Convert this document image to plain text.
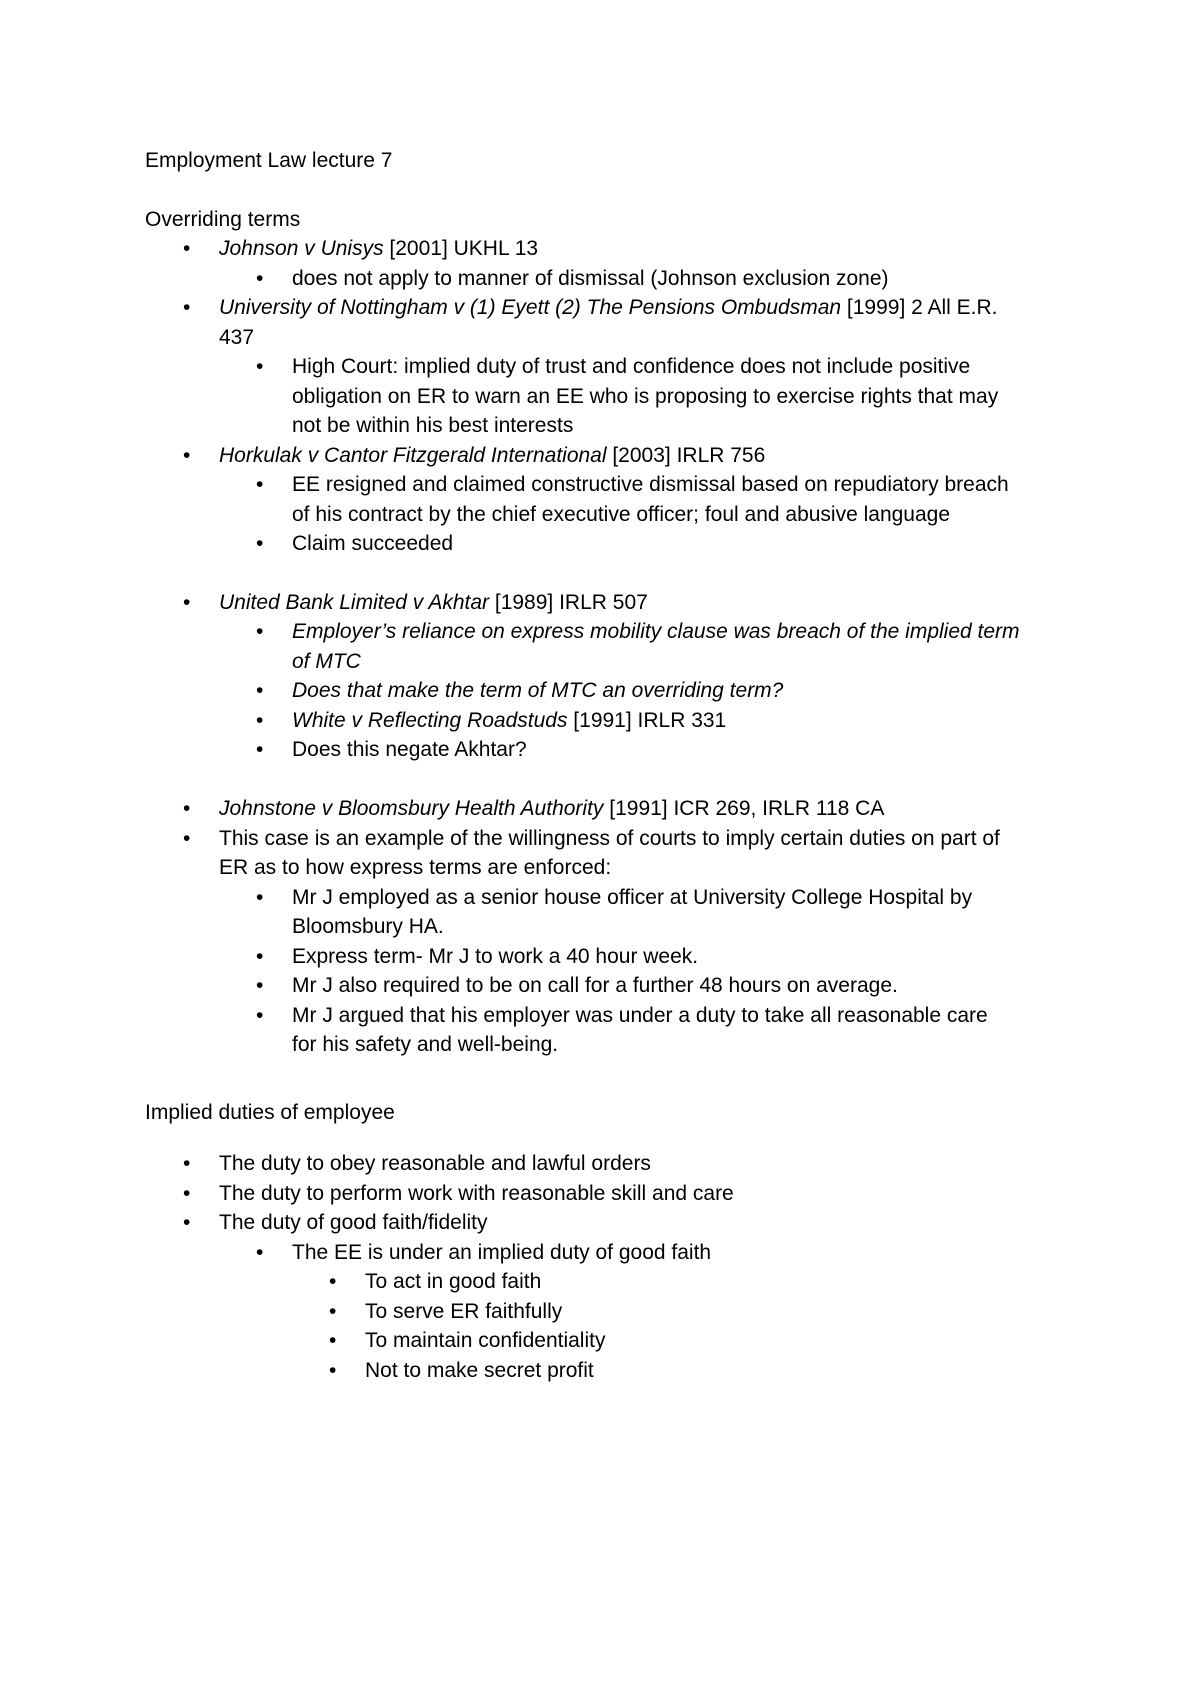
Employment Law lecture 7
Overriding terms
Implied duties of employee
•	Johnson v Unisys [2001] UKHL 13
•	does not apply to manner of dismissal (Johnson exclusion zone)
•	University of Nottingham v (1) Eyett (2) The Pensions Ombudsman [1999] 2 All E.R.
437
•	High Court: implied duty of trust and confidence does not include positive
obligation on ER to warn an EE who is proposing to exercise rights that may
not be within his best interests
•	Horkulak v Cantor Fitzgerald International [2003] IRLR 756
•	EE resigned and claimed constructive dismissal based on repudiatory breach
of his contract by the chief executive officer; foul and abusive language
•	Claim succeeded
•	United Bank Limited v Akhtar [1989] IRLR 507
•	Employer’s reliance on express mobility clause was breach of the implied term
of MTC
•	Does that make the term of MTC an overriding term?
•	White v Reflecting Roadstuds [1991] IRLR 331
•	Does this negate Akhtar?
•	Johnstone v Bloomsbury Health Authority [1991] ICR 269, IRLR 118 CA
•	This case is an example of the willingness of courts to imply certain duties on part of
ER as to how express terms are enforced:
•	Mr J employed as a senior house officer at University College Hospital by
Bloomsbury HA.
•	Express term- Mr J to work a 40 hour week.
•	Mr J also required to be on call for a further 48 hours on average.
•	Mr J argued that his employer was under a duty to take all reasonable care
for his safety and well-being.
•	The duty to obey reasonable and lawful orders
•	The duty to perform work with reasonable skill and care
•	The duty of good faith/fidelity
•	The EE is under an implied duty of good faith
•	To act in good faith
•	To serve ER faithfully
•	To maintain confidentiality
•	Not to make secret profit
